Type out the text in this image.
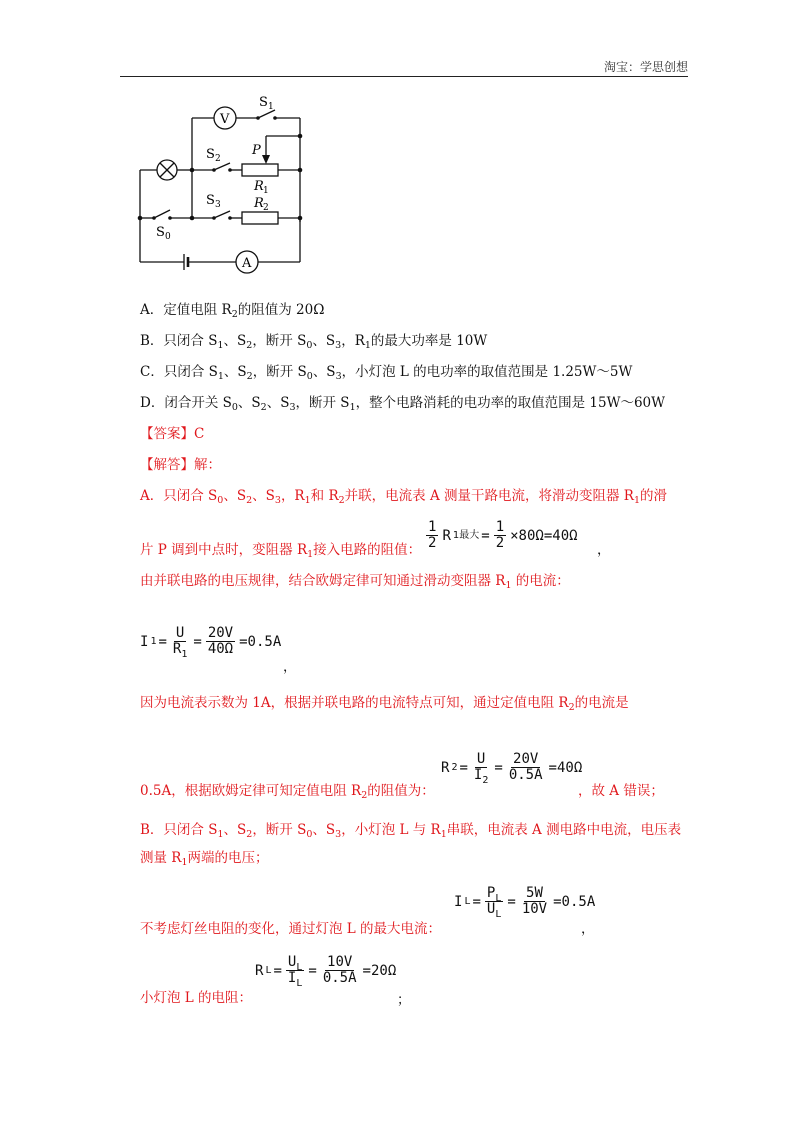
淘宝：学思创想
V
A
S 1
S 2
S 3
S 0
P
R 1
R 2
A．定值电阻 $R_2$的阻值为 20Ω
B．只闭合 $S_1$、$S_2$，断开 $S_0$、$S_3$，$R_1$的最大功率是 10W
C．只闭合 $S_1$、$S_2$，断开 $S_0$、$S_3$，小灯泡 L 的电功率的取值范围是 1.25W～5W
D．闭合开关 $S_0$、$S_2$、$S_3$，断开 $S_1$，整个电路消耗的电功率的取值范围是 15W～60W
【答案】C
【解答】解：
A．只闭合 $S_0$、$S_2$、$S_3$，$R_1$和 $R_2$并联，电流表 A 测量干路电流，将滑动变阻器 $R_1$的滑
片 P 调到中点时，变阻器 $R_1$接入电路的阻值： $\frac{1}{2}$ R 1最大 = $\frac{1}{2} \times 80\Omega=40\Omega$
，
由并联电路的电压规律，结合欧姆定律可知通过滑动变阻器 $R_1$ 的电流：
I $1 = \frac{U}{R_1} = \frac{20V}{40\Omega} =0.5A$
，
因为电流表示数为 1A，根据并联电路的电流特点可知，通过定值电阻 $R_2$的电流是
R $2 = \frac{U}{I_2} = \frac{20V}{0.5A} =40\Omega$
0.5A，根据欧姆定律可知定值电阻 $R_2$的阻值为：	，故 A 错误；
B．只闭合 $S_1$、$S_2$，断开 $S_0$、$S_3$，小灯泡 L 与 $R_1$串联，电流表 A 测电路中电流，电压表
测量 $R_1$两端的电压；
I $L = \frac{P_L}{U_L} = \frac{5W}{10V} =0.5A$
不考虑灯丝电阻的变化，通过灯泡 L 的最大电流：	，
R $L = \frac{U_L}{I_L} = \frac{10V}{0.5A} =20\Omega$
小灯泡 L 的电阻：	；
